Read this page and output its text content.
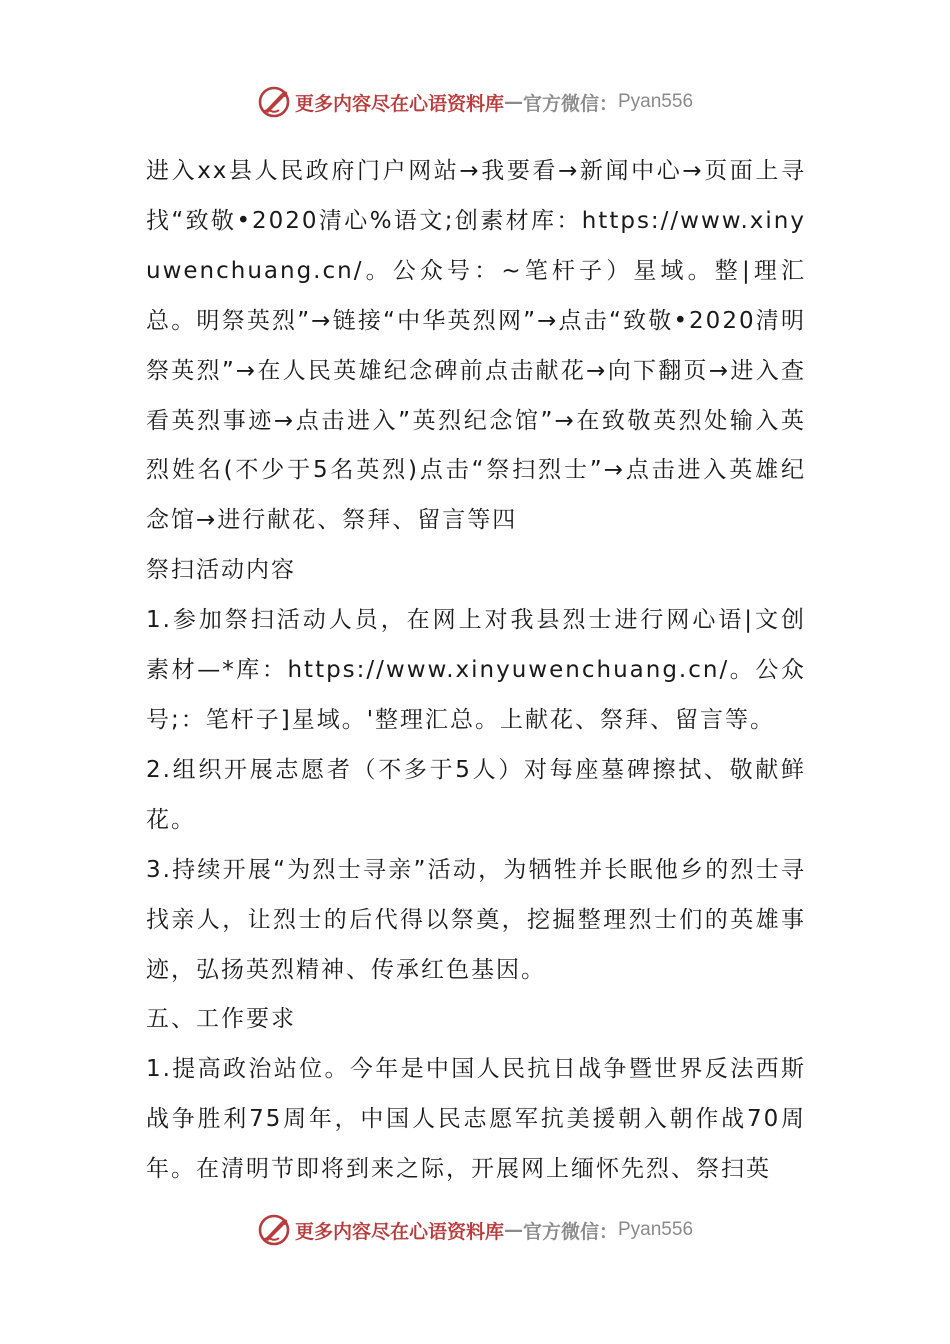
更多内容尽在心语资料库 — 官方微信： Pyan556

进入xx县人民政府门户网站→我要看→新闻中心→页面上寻找“致敬•2020清心%语文;创素材库：https://www.xinyuwenchuang.cn/。公众号：~笔杆子）星域。整|理汇总。明祭英烈”→链接“中华英烈网”→点击“致敬•2020清明祭英烈”→在人民英雄纪念碑前点击献花→向下翻页→进入查看英烈事迹→点击进入”英烈纪念馆”→在致敬英烈处输入英烈姓名(不少于5名英烈)点击“祭扫烈士”→点击进入英雄纪念馆→进行献花、祭拜、留言等四

祭扫活动内容

1.参加祭扫活动人员，在网上对我县烈士进行网心语|文创素材—*库：https://www.xinyuwenchuang.cn/。公众号;：笔杆子]星域。'整理汇总。上献花、祭拜、留言等。

2.组织开展志愿者（不多于5人）对每座墓碑擦拭、敬献鲜花。

3.持续开展“为烈士寻亲”活动，为牺牲并长眠他乡的烈士寻找亲人，让烈士的后代得以祭奠，挖掘整理烈士们的英雄事迹，弘扬英烈精神、传承红色基因。

五、工作要求

1.提高政治站位。今年是中国人民抗日战争暨世界反法西斯战争胜利75周年，中国人民志愿军抗美援朝入朝作战70周年。在清明节即将到来之际，开展网上缅怀先烈、祭扫英

更多内容尽在心语资料库 — 官方微信： Pyan556
